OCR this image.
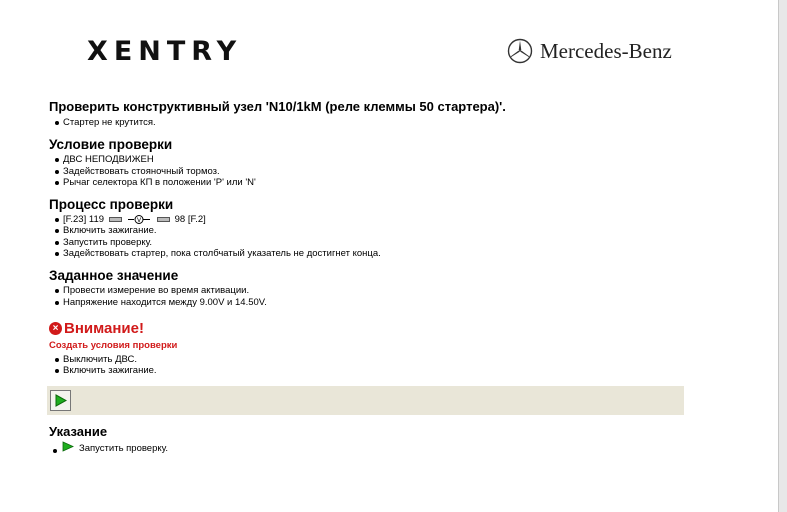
XENTRY	Mercedes-Benz
Проверить конструктивный узел 'N10/1kM (реле клеммы 50 стартера)'.
Стартер не крутится.
Условие проверки
ДВС НЕПОДВИЖЕН
Задействовать стояночный тормоз.
Рычаг селектора КП в положении 'P' или 'N'
Процесс проверки
[F.23] 119	V	98 [F.2]
Включить зажигание.
Запустить проверку.
Задействовать стартер, пока столбчатый указатель не достигнет конца.
Заданное значение
Провести измерение во время активации.
Напряжение находится между 9.00V и 14.50V.
× Внимание!
Создать условия проверки
Выключить ДВС.
Включить зажигание.
Указание
Запустить проверку.
